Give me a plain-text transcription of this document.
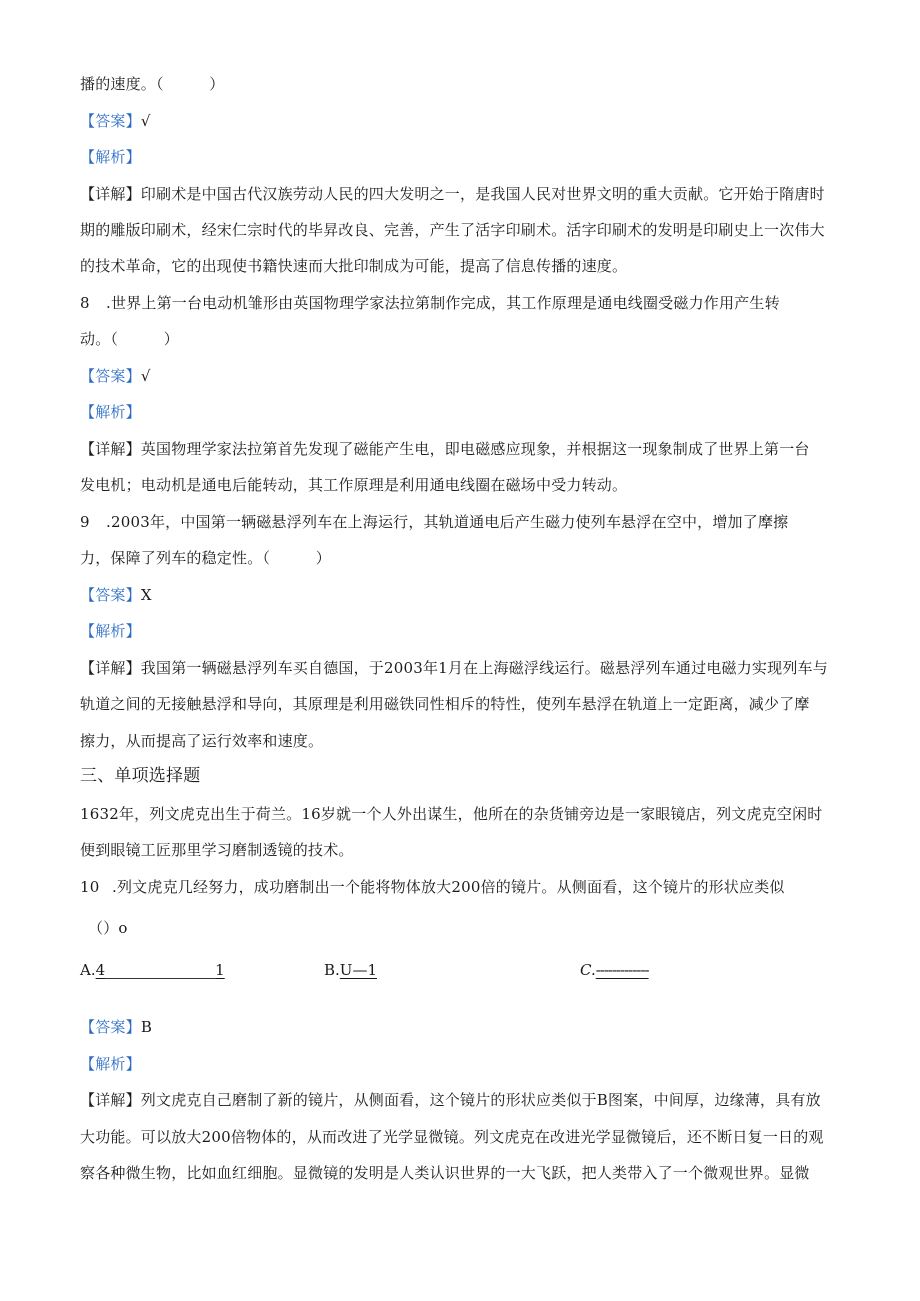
播的速度。（　　　）
【答案】√
【解析】
【详解】印刷术是中国古代汉族劳动人民的四大发明之一，是我国人民对世界文明的重大贡献。它开始于隋唐时
期的雕版印刷术，经宋仁宗时代的毕昇改良、完善，产生了活字印刷术。活字印刷术的发明是印刷史上一次伟大
的技术革命，它的出现使书籍快速而大批印制成为可能，提高了信息传播的速度。
8 .世界上第一台电动机雏形由英国物理学家法拉第制作完成，其工作原理是通电线圈受磁力作用产生转
动。（　　　）
【答案】√
【解析】
【详解】英国物理学家法拉第首先发现了磁能产生电，即电磁感应现象，并根据这一现象制成了世界上第一台
发电机；电动机是通电后能转动，其工作原理是利用通电线圈在磁场中受力转动。
9 .2003年，中国第一辆磁悬浮列车在上海运行，其轨道通电后产生磁力使列车悬浮在空中，增加了摩擦
力，保障了列车的稳定性。（　　　）
【答案】X
【解析】
【详解】我国第一辆磁悬浮列车买自德国，于2003年1月在上海磁浮线运行。磁悬浮列车通过电磁力实现列车与
轨道之间的无接触悬浮和导向，其原理是利用磁铁同性相斥的特性，使列车悬浮在轨道上一定距离，减少了摩
擦力，从而提高了运行效率和速度。
三、单项选择题
1632年，列文虎克出生于荷兰。16岁就一个人外出谋生，他所在的杂货铺旁边是一家眼镜店，列文虎克空闲时
便到眼镜工匠那里学习磨制透镜的技术。
10 .列文虎克几经努力，成功磨制出一个能将物体放大200倍的镜片。从侧面看，这个镜片的形状应类似
（）o
A.4	1	B.U—1	C.-------------
【答案】B
【解析】
【详解】列文虎克自己磨制了新的镜片，从侧面看，这个镜片的形状应类似于B图案，中间厚，边缘薄，具有放
大功能。可以放大200倍物体的，从而改进了光学显微镜。列文虎克在改进光学显微镜后，还不断日复一日的观
察各种微生物，比如血红细胞。显微镜的发明是人类认识世界的一大飞跃，把人类带入了一个微观世界。显微
